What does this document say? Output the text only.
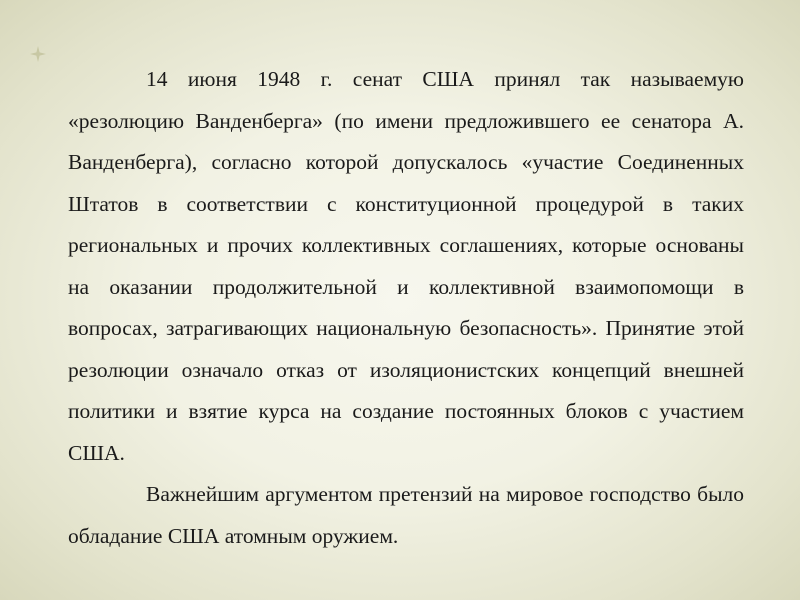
14 июня 1948 г. сенат США принял так называемую «резолюцию Ванденберга» (по имени предложившего ее сенатора А. Ванденберга), согласно которой допускалось «участие Соединенных Штатов в соответствии с конституционной процедурой в таких региональных и прочих коллективных соглашениях, которые основаны на оказании продолжительной и коллективной взаимопомощи в вопросах, затрагивающих национальную безопасность». Принятие этой резолюции означало отказ от изоляционистских концепций внешней политики и взятие курса на создание постоянных блоков с участием США.

Важнейшим аргументом претензий на мировое господство было обладание США атомным оружием.
